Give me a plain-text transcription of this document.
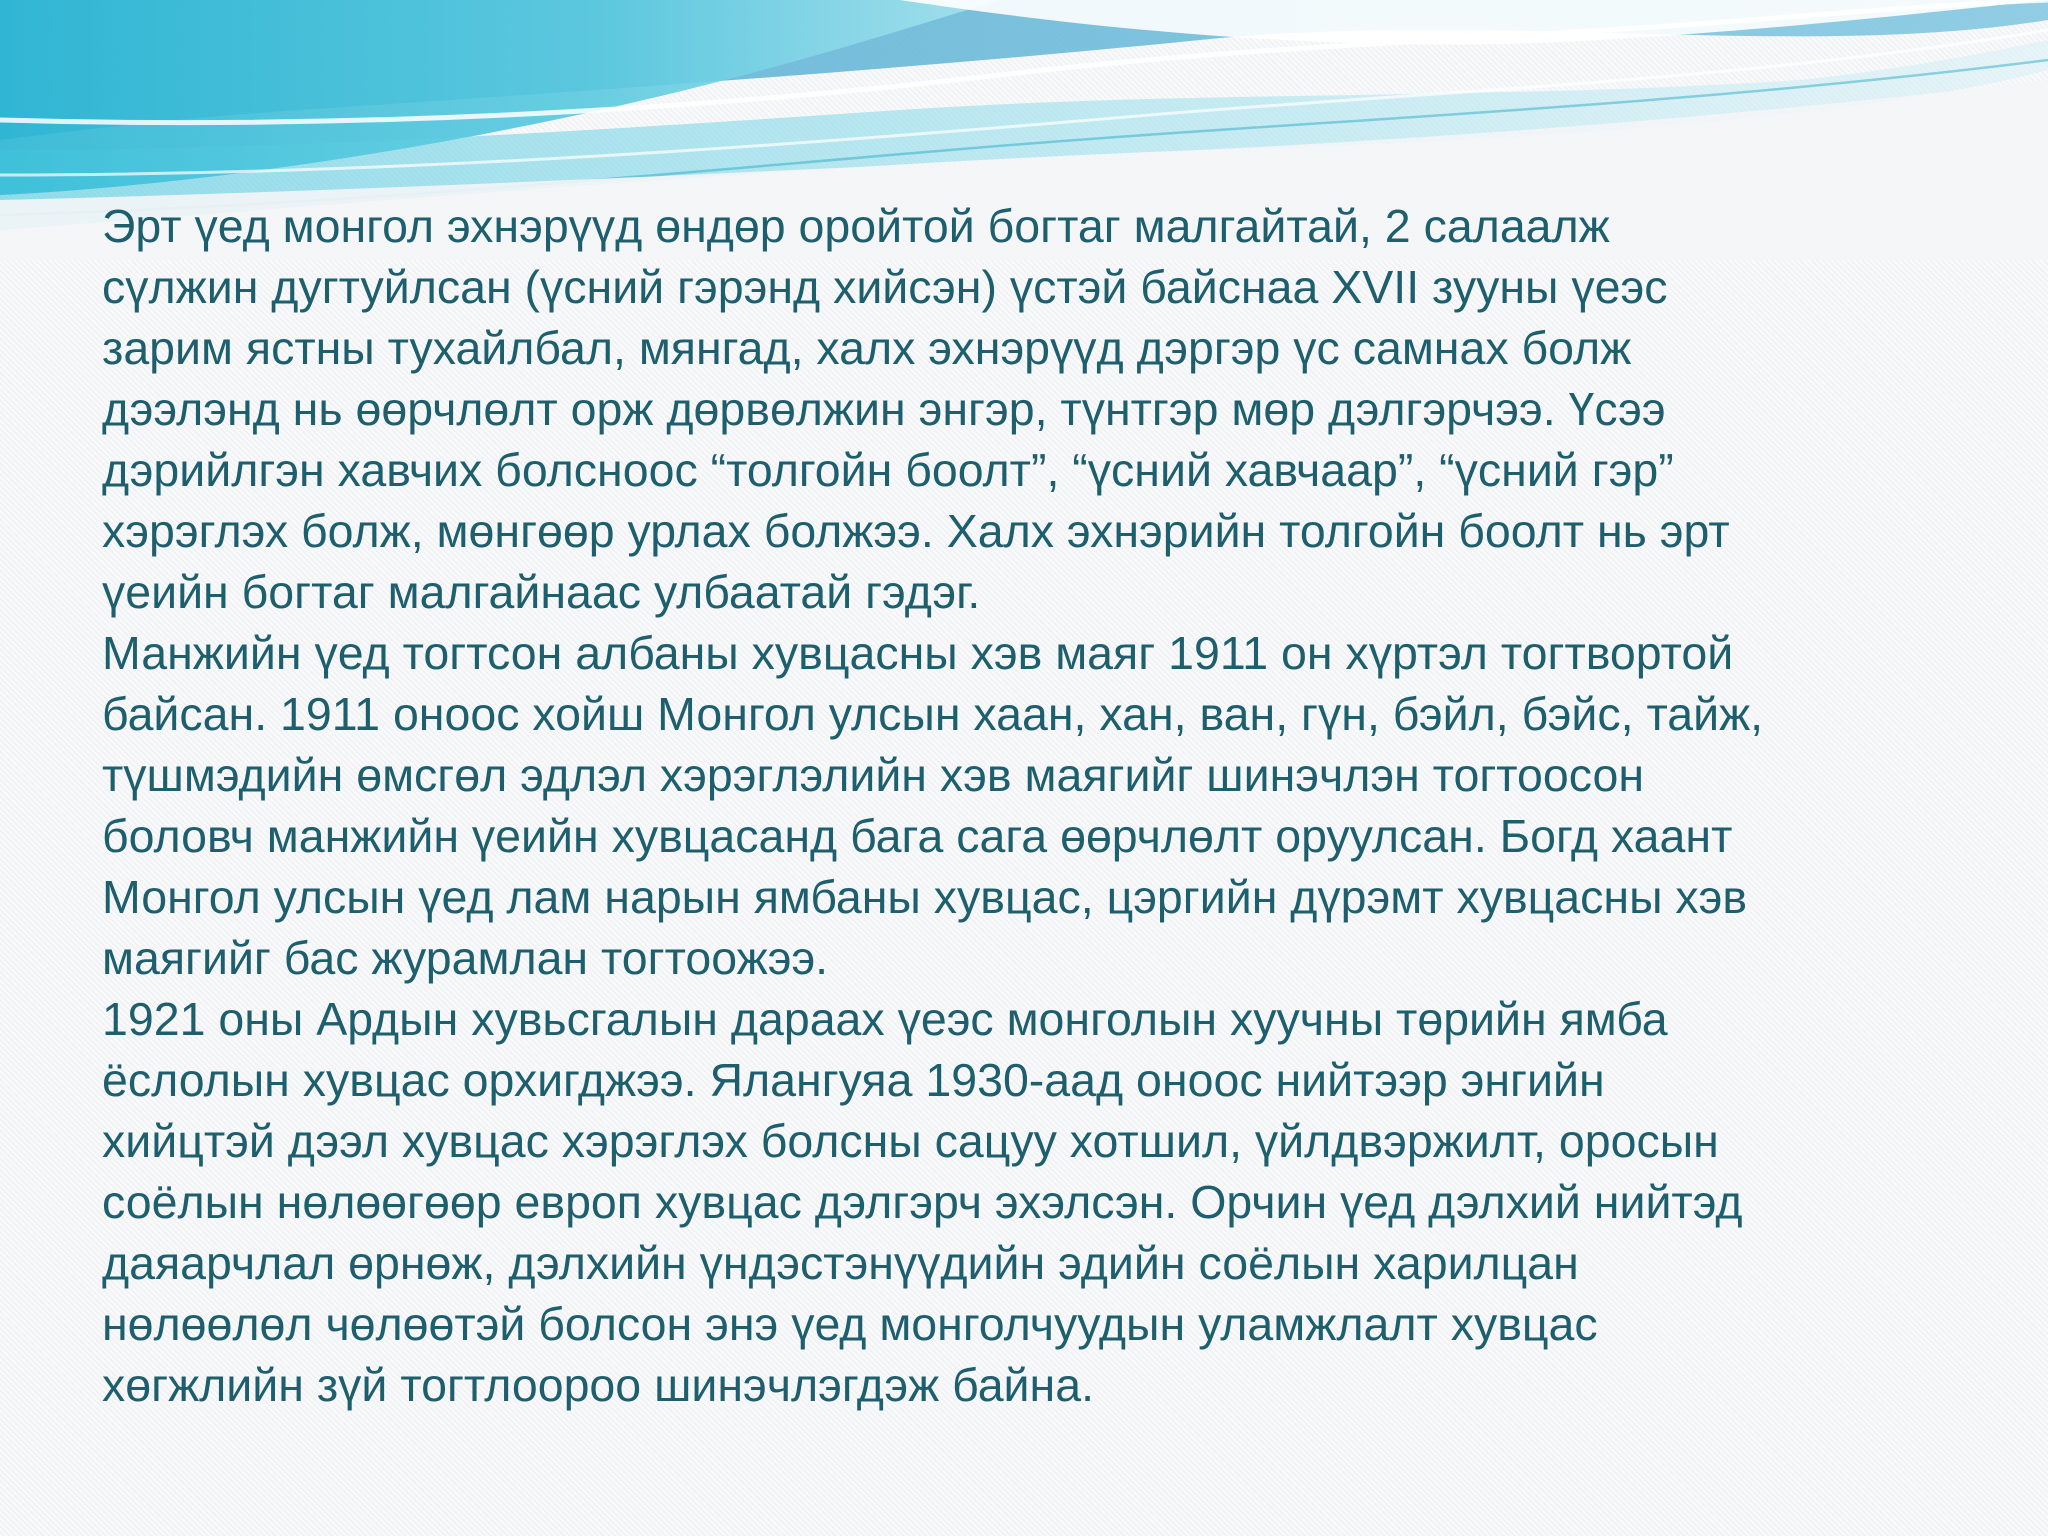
Эрт үед монгол эхнэрүүд өндөр оройтой богтаг малгайтай, 2 салаалж

сүлжин дугтуйлсан (үсний гэрэнд хийсэн) үстэй байснаа XVII зууны үеэс

зарим ястны тухайлбал, мянгад, халх эхнэрүүд дэргэр үс самнах болж

дээлэнд нь өөрчлөлт орж дөрвөлжин энгэр, түнтгэр мөр дэлгэрчээ. Үсээ

дэрийлгэн хавчих болсноос “толгойн боолт”, “үсний хавчаар”, “үсний гэр”

хэрэглэх болж, мөнгөөр урлах болжээ. Халх эхнэрийн толгойн боолт нь эрт

үеийн богтаг малгайнаас улбаатай гэдэг.

Манжийн үед тогтсон албаны хувцасны хэв маяг 1911 он хүртэл тогтвортой

байсан. 1911 оноос хойш Монгол улсын хаан, хан, ван, гүн, бэйл, бэйс, тайж,

түшмэдийн өмсгөл эдлэл хэрэглэлийн хэв маягийг шинэчлэн тогтоосон

боловч манжийн үеийн хувцасанд бага сага өөрчлөлт оруулсан. Богд хаант

Монгол улсын үед лам нарын ямбаны хувцас, цэргийн дүрэмт хувцасны хэв

маягийг бас журамлан тогтоожээ.

1921 оны Ардын хувьсгалын дараах үеэс монголын хуучны төрийн ямба

ёслолын хувцас орхигджээ. Ялангуяа 1930-аад оноос нийтээр энгийн

хийцтэй дээл хувцас хэрэглэх болсны сацуу хотшил, үйлдвэржилт, оросын

соёлын нөлөөгөөр европ хувцас дэлгэрч эхэлсэн. Орчин үед дэлхий нийтэд

даяарчлал өрнөж, дэлхийн үндэстэнүүдийн эдийн соёлын харилцан

нөлөөлөл чөлөөтэй болсон энэ үед монголчуудын уламжлалт хувцас

хөгжлийн зүй тогтлоороо шинэчлэгдэж байна.
